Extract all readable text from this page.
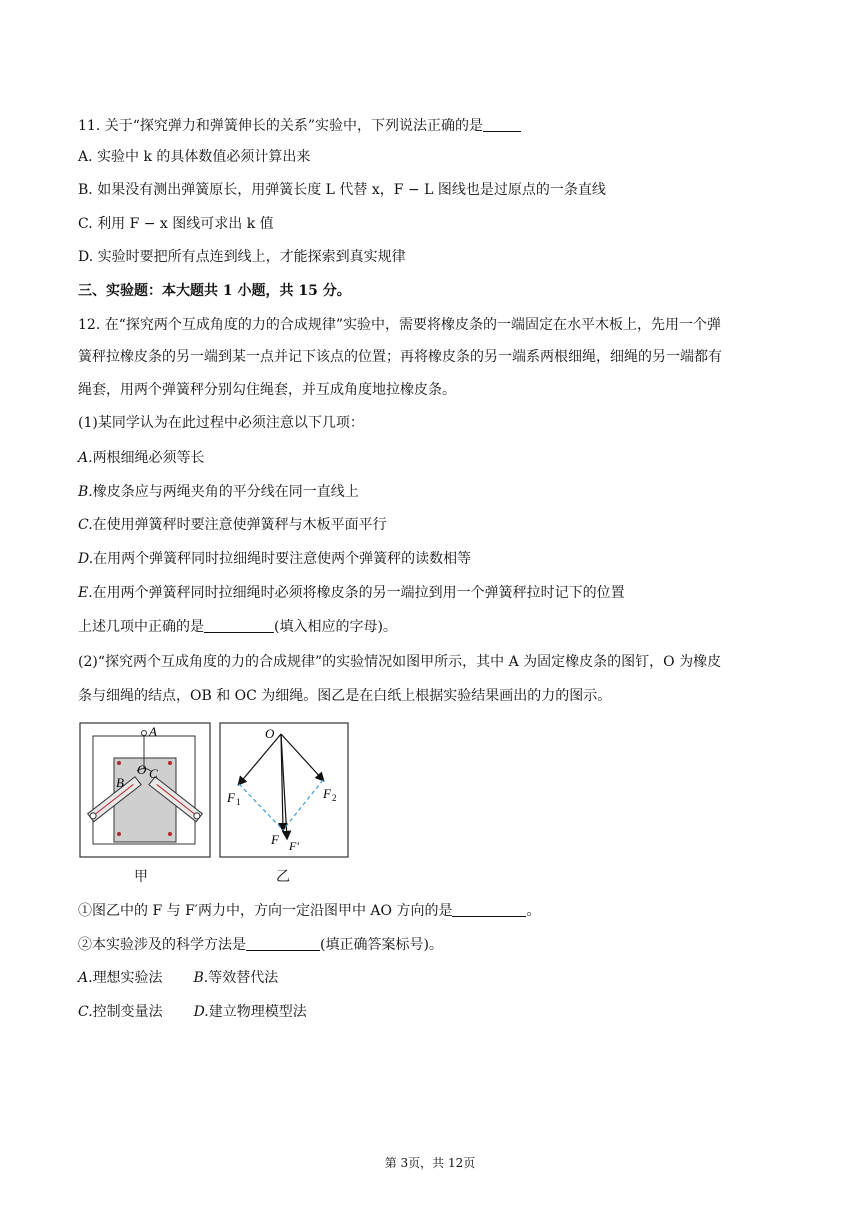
11. 关于“探究弹力和弹簧伸长的关系”实验中，下列说法正确的是
A. 实验中 k 的具体数值必须计算出来
B. 如果没有测出弹簧原长，用弹簧长度 L 代替 x，F − L 图线也是过原点的一条直线
C. 利用 F − x 图线可求出 k 值
D. 实验时要把所有点连到线上，才能探索到真实规律
三、实验题：本大题共 1 小题，共 15 分。
12. 在“探究两个互成角度的力的合成规律”实验中，需要将橡皮条的一端固定在水平木板上，先用一个弹
簧秤拉橡皮条的另一端到某一点并记下该点的位置；再将橡皮条的另一端系两根细绳，细绳的另一端都有
绳套，用两个弹簧秤分别勾住绳套，并互成角度地拉橡皮条。
(1)某同学认为在此过程中必须注意以下几项：
A.两根细绳必须等长
B.橡皮条应与两绳夹角的平分线在同一直线上
C.在使用弹簧秤时要注意使弹簧秤与木板平面平行
D.在用两个弹簧秤同时拉细绳时要注意使两个弹簧秤的读数相等
E.在用两个弹簧秤同时拉细绳时必须将橡皮条的另一端拉到用一个弹簧秤拉时记下的位置
上述几项中正确的是	(填入相应的字母)。
(2)“探究两个互成角度的力的合成规律”的实验情况如图甲所示，其中 A 为固定橡皮条的图钉，O 为橡皮
条与细绳的结点，OB 和 OC 为细绳。图乙是在白纸上根据实验结果画出的力的图示。
A
O
B
C
甲
O
F 1
F 2
F F′
乙
①图乙中的 F 与 F′两力中，方向一定沿图甲中 AO 方向的是	。
②本实验涉及的科学方法是	(填正确答案标号)。
A.理想实验法 B.等效替代法
C.控制变量法 D.建立物理模型法
第 3页，共 12页
